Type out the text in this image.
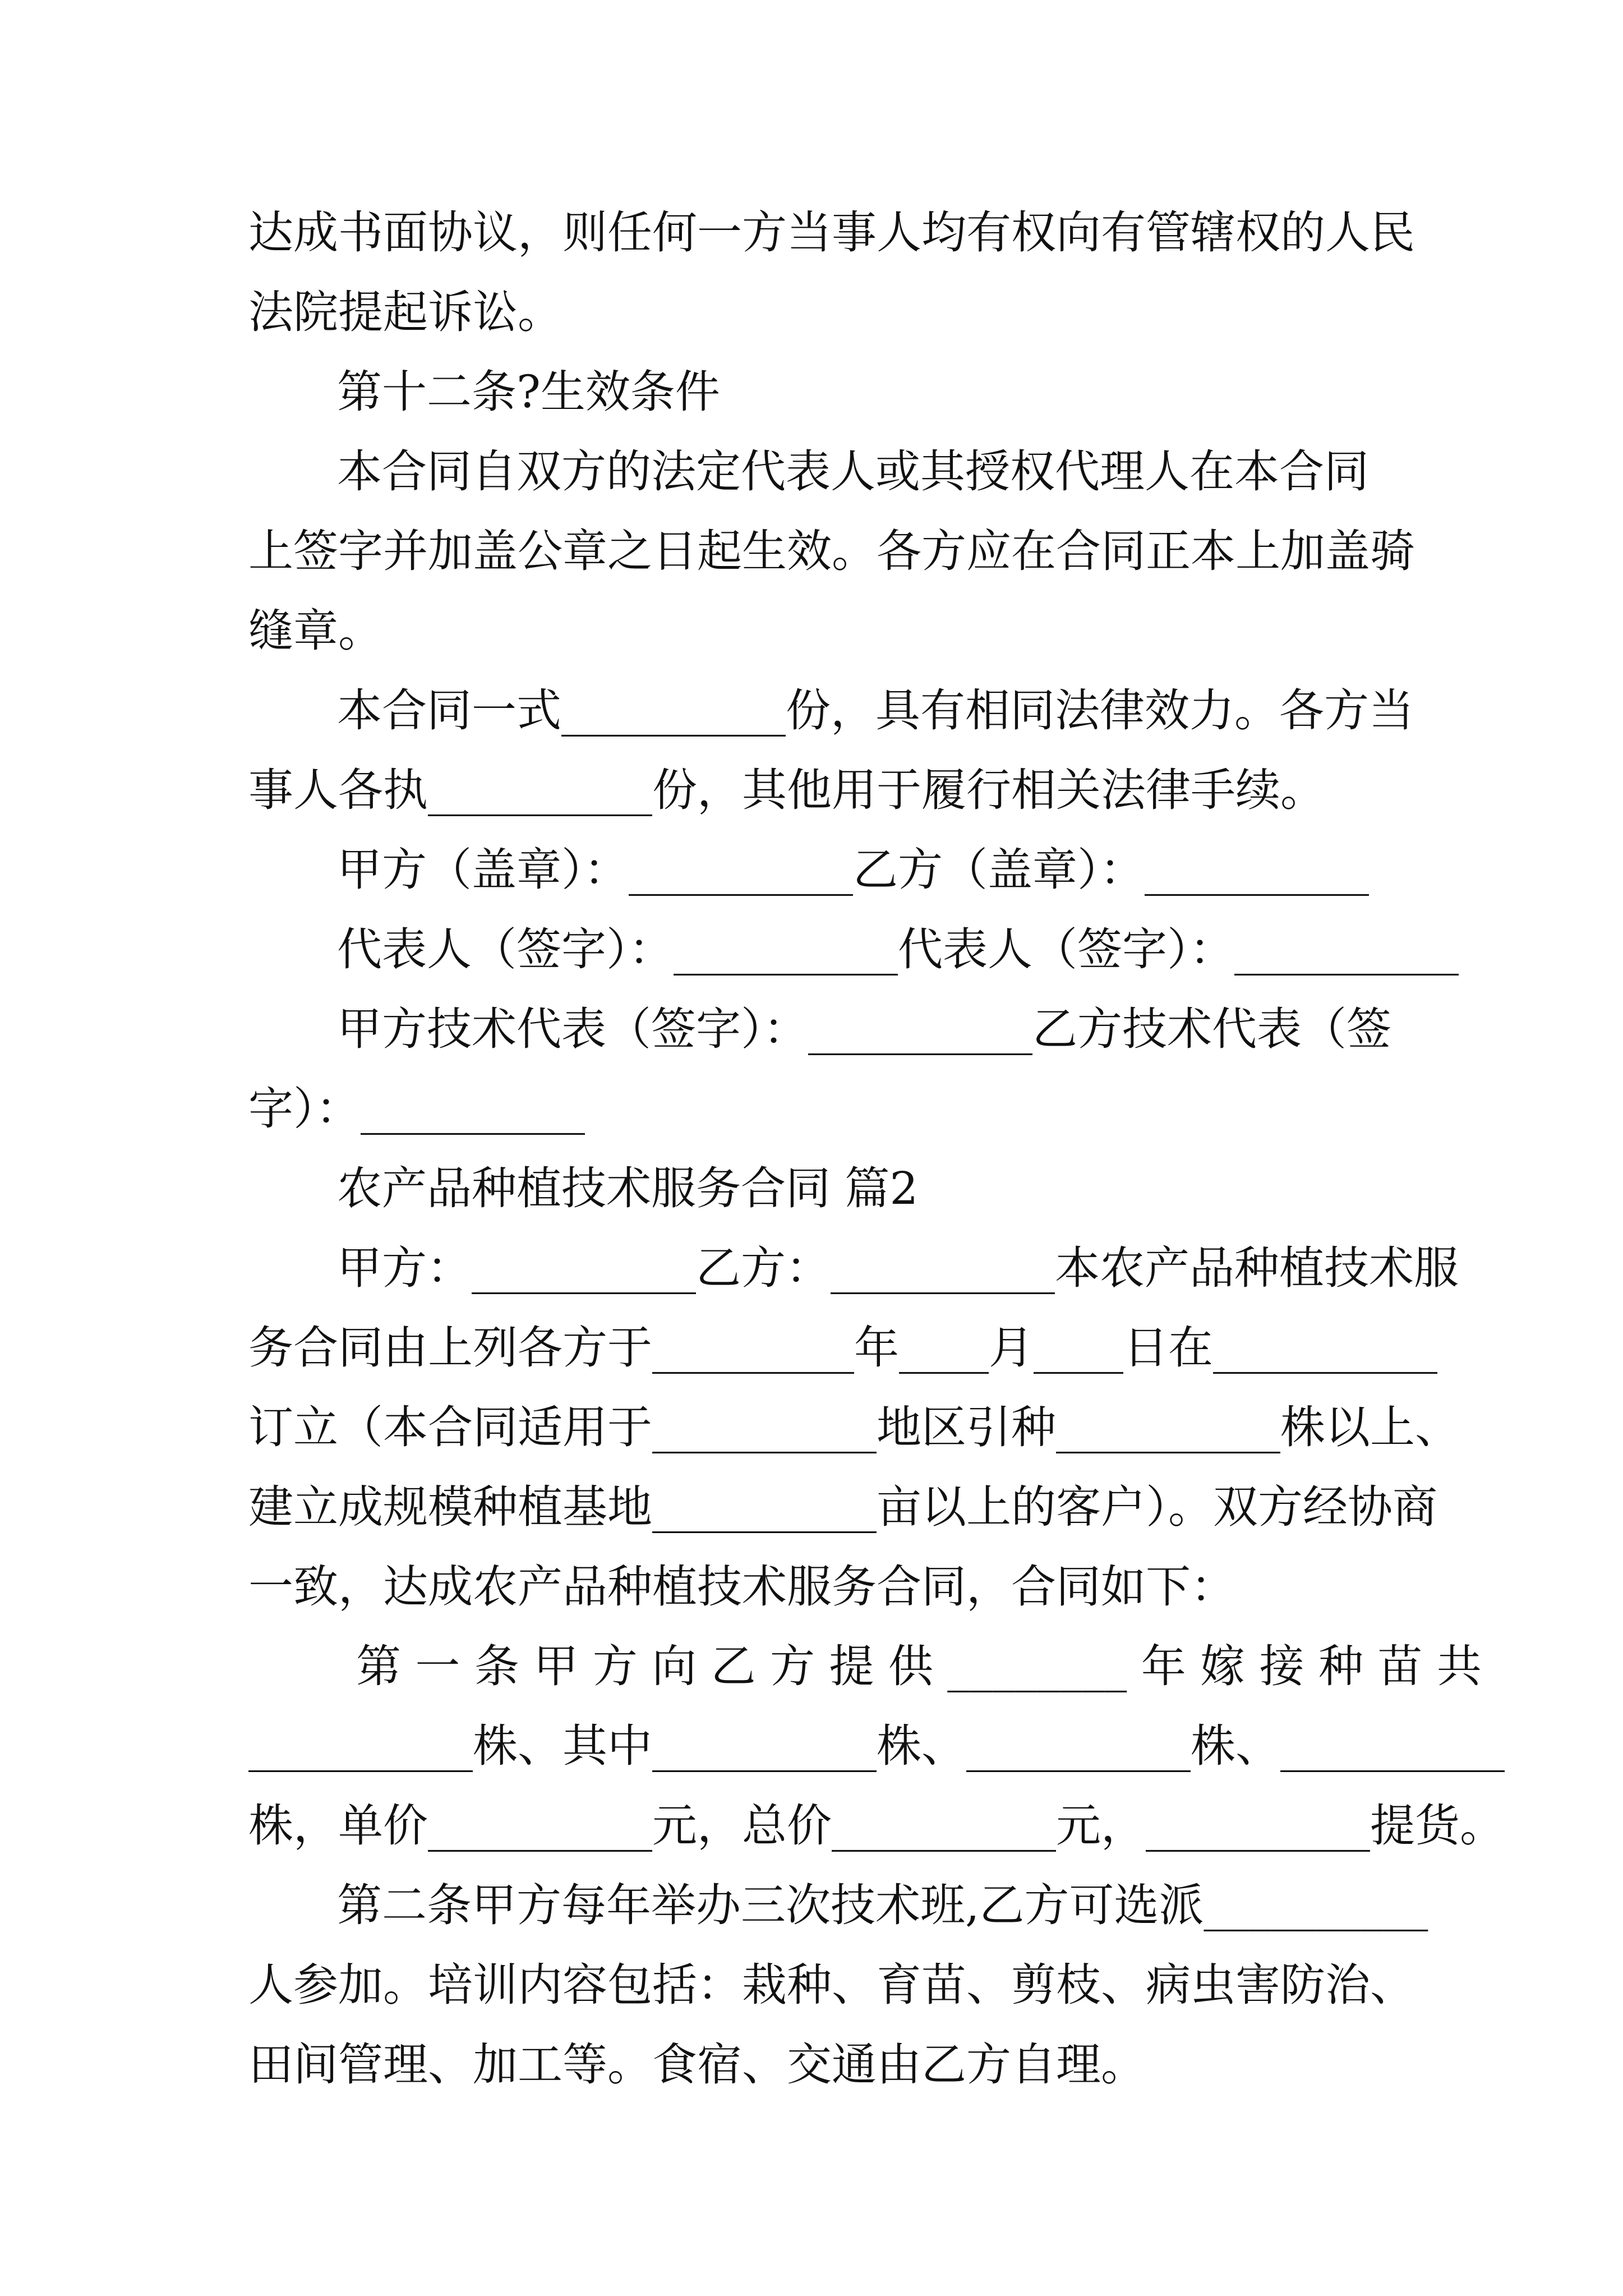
达成书面协议，则任何一方当事人均有权向有管辖权的人民
法院提起诉讼。
第十二条?生效条件
本合同自双方的法定代表人或其授权代理人在本合同
上签字并加盖公章之日起生效。各方应在合同正本上加盖骑
缝章。
本合同一式__________份，具有相同法律效力。各方当
事人各执__________份，其他用于履行相关法律手续。
甲方（盖章）：__________乙方（盖章）：__________
代表人（签字）：__________代表人（签字）：__________
甲方技术代表（签字）：__________乙方技术代表（签
字）：__________
农产品种植技术服务合同 篇2
甲方：__________乙方：__________本农产品种植技术服
务合同由上列各方于_________年____月____日在__________
订立（本合同适用于__________地区引种__________株以上、
建立成规模种植基地__________亩以上的客户）。双方经协商
一致，达成农产品种植技术服务合同，合同如下：
第 一 条 甲 方 向 乙 方 提 供 ________ 年 嫁 接 种 苗 共
__________株、其中__________株、__________株、__________
株，单价__________元，总价__________元，__________提货。
第二条甲方每年举办三次技术班,乙方可选派__________
人参加。培训内容包括：栽种、育苗、剪枝、病虫害防治、
田间管理、加工等。食宿、交通由乙方自理。
